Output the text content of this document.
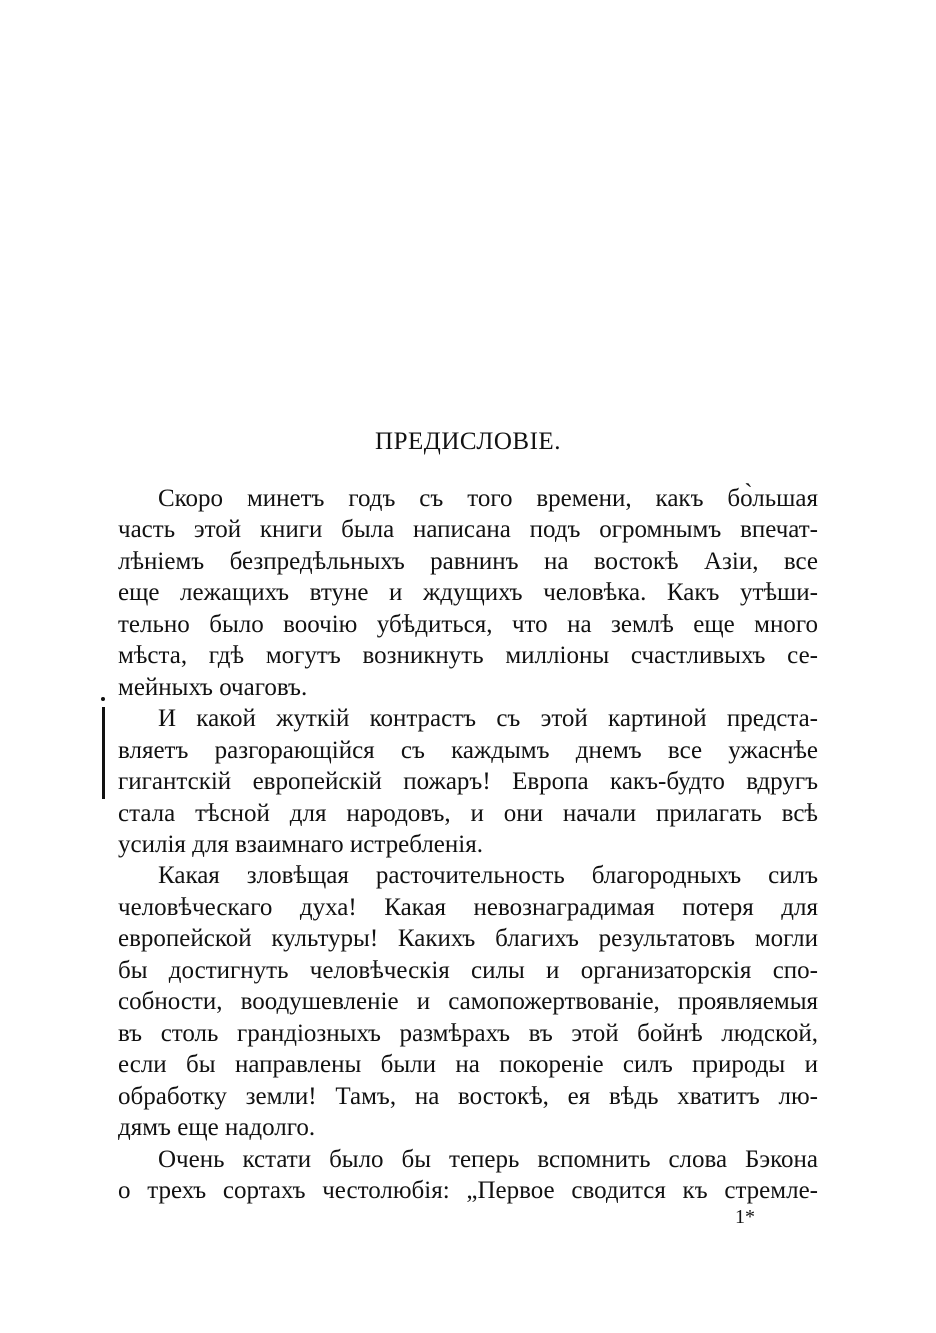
ПРЕДИСЛОВІЕ.
Скоро минетъ годъ съ того времени, какъ бо̀льшая
часть этой книги была написана подъ огромнымъ впечат-
лѣніемъ безпредѣльныхъ равнинъ на востокѣ Азіи, все
еще лежащихъ втуне и ждущихъ человѣка. Какъ утѣши-
тельно было воочію убѣдиться, что на землѣ еще много
мѣста, гдѣ могутъ возникнуть милліоны счастливыхъ се-
мейныхъ очаговъ.
И какой жуткій контрастъ съ этой картиной предста-
вляетъ разгорающійся съ каждымъ днемъ все ужаснѣе
гигантскій европейскій пожаръ! Европа какъ-будто вдругъ
стала тѣсной для народовъ, и они начали прилагать всѣ
усилія для взаимнаго истребленія.
Какая зловѣщая расточительность благородныхъ силъ
человѣческаго духа! Какая невознаградимая потеря для
европейской культуры! Какихъ благихъ результатовъ могли
бы достигнуть человѣческія силы и организаторскія спо-
собности, воодушевленіе и самопожертвованіе, проявляемыя
въ столь грандіозныхъ размѣрахъ въ этой бойнѣ людской,
если бы направлены были на покореніе силъ природы и
обработку земли! Тамъ, на востокѣ, ея вѣдь хватитъ лю-
дямъ еще надолго.
Очень кстати было бы теперь вспомнить слова Бэкона
о трехъ сортахъ честолюбія: „Первое сводится къ стремле-
1*
